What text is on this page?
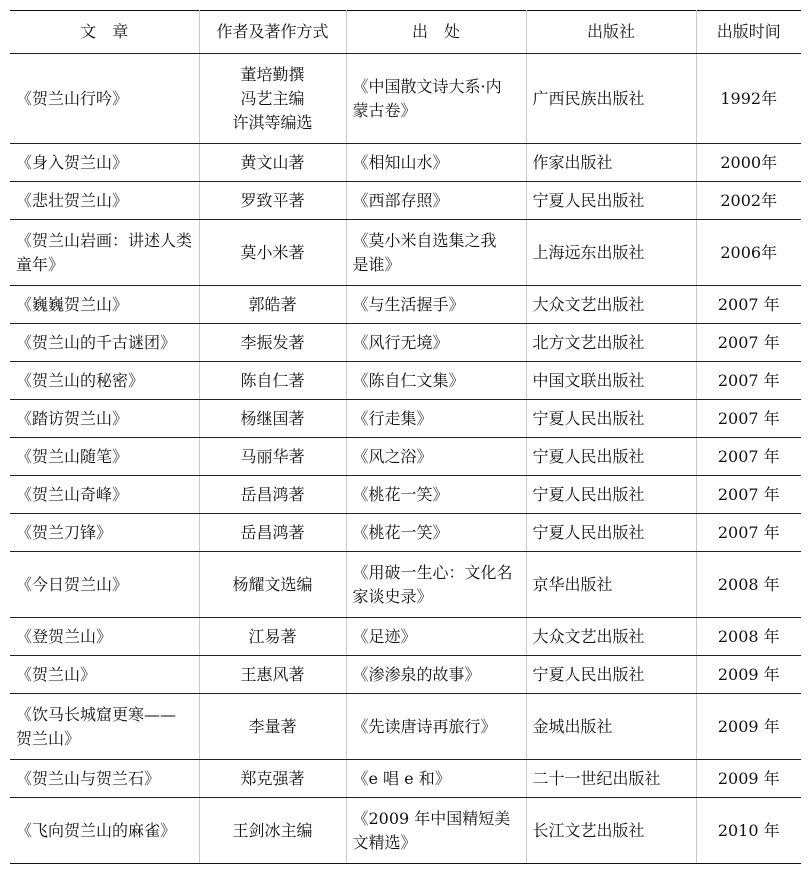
文　章	作者及著作方式	出　处	出版社	出版时间
《贺兰山行吟》	董培勤撰
冯艺主编
许淇等编选	《中国散文诗大系·内
蒙古卷》	广西民族出版社	1992年
《身入贺兰山》	黄文山著	《相知山水》	作家出版社	2000年
《悲壮贺兰山》	罗致平著	《西部存照》	宁夏人民出版社	2002年
《贺兰山岩画：讲述人类
童年》	莫小米著	《莫小米自选集之我
是谁》	上海远东出版社	2006年
《巍巍贺兰山》	郭皓著	《与生活握手》	大众文艺出版社	2007 年
《贺兰山的千古谜团》	李振发著	《风行无境》	北方文艺出版社	2007 年
《贺兰山的秘密》	陈自仁著	《陈自仁文集》	中国文联出版社	2007 年
《踏访贺兰山》	杨继国著	《行走集》	宁夏人民出版社	2007 年
《贺兰山随笔》	马丽华著	《风之浴》	宁夏人民出版社	2007 年
《贺兰山奇峰》	岳昌鸿著	《桃花一笑》	宁夏人民出版社	2007 年
《贺兰刀锋》	岳昌鸿著	《桃花一笑》	宁夏人民出版社	2007 年
《今日贺兰山》	杨耀文选编	《用破一生心：文化名
家谈史录》	京华出版社	2008 年
《登贺兰山》	江易著	《足迹》	大众文艺出版社	2008 年
《贺兰山》	王惠风著	《渗渗泉的故事》	宁夏人民出版社	2009 年
《饮马长城窟更寒——
贺兰山》	李量著	《先读唐诗再旅行》	金城出版社	2009 年
《贺兰山与贺兰石》	郑克强著	《e 唱 e 和》	二十一世纪出版社	2009 年
《飞向贺兰山的麻雀》	王剑冰主编	《2009 年中国精短美
文精选》	长江文艺出版社	2010 年
